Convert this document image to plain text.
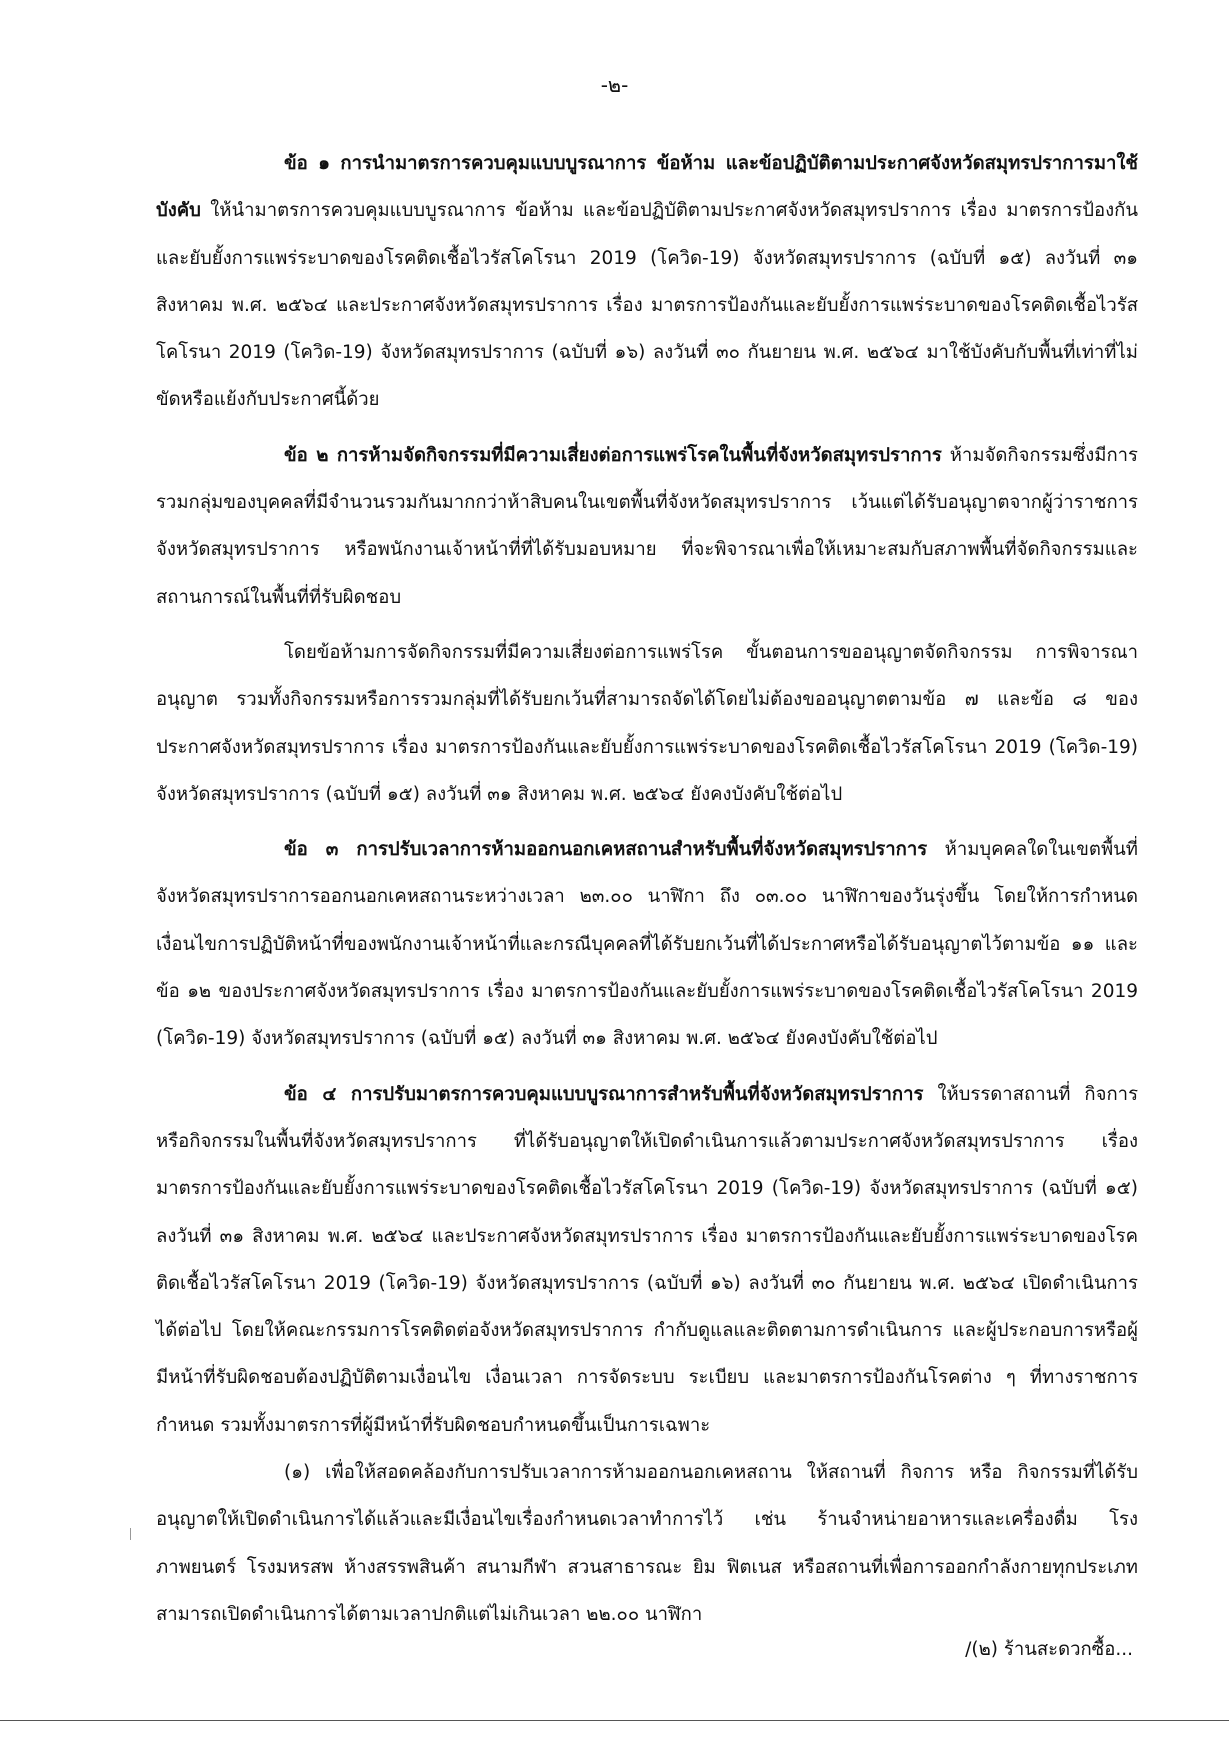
-๒-

ข้อ ๑ การนำมาตรการควบคุมแบบบูรณาการ ข้อห้าม และข้อปฏิบัติตามประกาศจังหวัดสมุทรปราการมาใช้บังคับ ให้นำมาตรการควบคุมแบบบูรณาการ ข้อห้าม และข้อปฏิบัติตามประกาศจังหวัดสมุทรปราการ เรื่อง มาตรการป้องกันและยับยั้งการแพร่ระบาดของโรคติดเชื้อไวรัสโคโรนา 2019 (โควิด-19) จังหวัดสมุทรปราการ (ฉบับที่ ๑๕) ลงวันที่ ๓๑ สิงหาคม พ.ศ. ๒๕๖๔ และประกาศจังหวัดสมุทรปราการ เรื่อง มาตรการป้องกันและยับยั้งการแพร่ระบาดของโรคติดเชื้อไวรัสโคโรนา 2019 (โควิด-19) จังหวัดสมุทรปราการ (ฉบับที่ ๑๖) ลงวันที่ ๓๐ กันยายน พ.ศ. ๒๕๖๔ มาใช้บังคับกับพื้นที่เท่าที่ไม่ขัดหรือแย้งกับประกาศนี้ด้วย

ข้อ ๒ การห้ามจัดกิจกรรมที่มีความเสี่ยงต่อการแพร่โรคในพื้นที่จังหวัดสมุทรปราการ ห้ามจัดกิจกรรมซึ่งมีการรวมกลุ่มของบุคคลที่มีจำนวนรวมกันมากกว่าห้าสิบคนในเขตพื้นที่จังหวัดสมุทรปราการ เว้นแต่ได้รับอนุญาตจากผู้ว่าราชการจังหวัดสมุทรปราการ หรือพนักงานเจ้าหน้าที่ที่ได้รับมอบหมาย ที่จะพิจารณาเพื่อให้เหมาะสมกับสภาพพื้นที่จัดกิจกรรมและสถานการณ์ในพื้นที่ที่รับผิดชอบ

โดยข้อห้ามการจัดกิจกรรมที่มีความเสี่ยงต่อการแพร่โรค ขั้นตอนการขออนุญาตจัดกิจกรรม การพิจารณาอนุญาต รวมทั้งกิจกรรมหรือการรวมกลุ่มที่ได้รับยกเว้นที่สามารถจัดได้โดยไม่ต้องขออนุญาตตามข้อ ๗ และข้อ ๘ ของประกาศจังหวัดสมุทรปราการ เรื่อง มาตรการป้องกันและยับยั้งการแพร่ระบาดของโรคติดเชื้อไวรัสโคโรนา 2019 (โควิด-19) จังหวัดสมุทรปราการ (ฉบับที่ ๑๕) ลงวันที่ ๓๑ สิงหาคม พ.ศ. ๒๕๖๔ ยังคงบังคับใช้ต่อไป

ข้อ ๓ การปรับเวลาการห้ามออกนอกเคหสถานสำหรับพื้นที่จังหวัดสมุทรปราการ ห้ามบุคคลใดในเขตพื้นที่จังหวัดสมุทรปราการออกนอกเคหสถานระหว่างเวลา ๒๓.๐๐ นาฬิกา ถึง ๐๓.๐๐ นาฬิกาของวันรุ่งขึ้น โดยให้การกำหนดเงื่อนไขการปฏิบัติหน้าที่ของพนักงานเจ้าหน้าที่และกรณีบุคคลที่ได้รับยกเว้นที่ได้ประกาศหรือได้รับอนุญาตไว้ตามข้อ ๑๑ และข้อ ๑๒ ของประกาศจังหวัดสมุทรปราการ เรื่อง มาตรการป้องกันและยับยั้งการแพร่ระบาดของโรคติดเชื้อไวรัสโคโรนา 2019 (โควิด-19) จังหวัดสมุทรปราการ (ฉบับที่ ๑๕) ลงวันที่ ๓๑ สิงหาคม พ.ศ. ๒๕๖๔ ยังคงบังคับใช้ต่อไป

ข้อ ๔ การปรับมาตรการควบคุมแบบบูรณาการสำหรับพื้นที่จังหวัดสมุทรปราการ ให้บรรดาสถานที่ กิจการ หรือกิจกรรมในพื้นที่จังหวัดสมุทรปราการ ที่ได้รับอนุญาตให้เปิดดำเนินการแล้วตามประกาศจังหวัดสมุทรปราการ เรื่อง มาตรการป้องกันและยับยั้งการแพร่ระบาดของโรคติดเชื้อไวรัสโคโรนา 2019 (โควิด-19) จังหวัดสมุทรปราการ (ฉบับที่ ๑๕) ลงวันที่ ๓๑ สิงหาคม พ.ศ. ๒๕๖๔ และประกาศจังหวัดสมุทรปราการ เรื่อง มาตรการป้องกันและยับยั้งการแพร่ระบาดของโรคติดเชื้อไวรัสโคโรนา 2019 (โควิด-19) จังหวัดสมุทรปราการ (ฉบับที่ ๑๖) ลงวันที่ ๓๐ กันยายน พ.ศ. ๒๕๖๔ เปิดดำเนินการได้ต่อไป โดยให้คณะกรรมการโรคติดต่อจังหวัดสมุทรปราการ กำกับดูแลและติดตามการดำเนินการ และผู้ประกอบการหรือผู้มีหน้าที่รับผิดชอบต้องปฏิบัติตามเงื่อนไข เงื่อนเวลา การจัดระบบ ระเบียบ และมาตรการป้องกันโรคต่าง ๆ ที่ทางราชการกำหนด รวมทั้งมาตรการที่ผู้มีหน้าที่รับผิดชอบกำหนดขึ้นเป็นการเฉพาะ

(๑) เพื่อให้สอดคล้องกับการปรับเวลาการห้ามออกนอกเคหสถาน ให้สถานที่ กิจการ หรือ กิจกรรมที่ได้รับอนุญาตให้เปิดดำเนินการได้แล้วและมีเงื่อนไขเรื่องกำหนดเวลาทำการไว้ เช่น ร้านจำหน่ายอาหารและเครื่องดื่ม โรงภาพยนตร์ โรงมหรสพ ห้างสรรพสินค้า สนามกีฬา สวนสาธารณะ ยิม ฟิตเนส หรือสถานที่เพื่อการออกกำลังกายทุกประเภท สามารถเปิดดำเนินการได้ตามเวลาปกติแต่ไม่เกินเวลา ๒๒.๐๐ นาฬิกา

/(๒) ร้านสะดวกซื้อ...
